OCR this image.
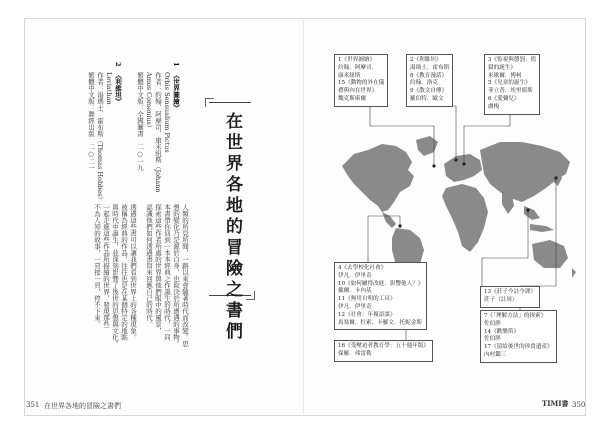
人類的所見所聞，一路以來會隨著時代而改變。思
想的變化乃是源於自身，也取決於所遭遇的事物。
本書帶你回到一本本經典之作誕生的時代，一同
探索這些作者所處的世界與他們眼中的風景，
認識他們如何透過書寫來回應自己的時代。
透過這些書可以讓我們看到世界上的各種現象。
被稱為經典的作品，往往也是在某個特定的地點
與時代中誕生，並深刻影響了後世的思想與文化。
一起走進這些作品所描繪的世界，發現那些
不為人知的故事，一頁接一頁，停不下來。
1
《世界圖繪》
Orbis Sensualium Pictus
作者：約翰．阿摩司．康米紐斯（Johann
Amos Comenius）
繁體中文版：全國圖書　二○一九
2
《利維坦》
Leviathan
作者：湯瑪士．霍布斯（Thomas Hobbes）
繁體中文版：聯經出版　二○二一	在世界各地的冒險之書們
351 在世界各地的冒險之書們
1《世界圖繪》
約翰．阿摩司．
康米紐斯
15《動物的外在儀
禮與內在世界》
魏克斯庫爾
2《利維坦》
湯瑪士．霍布斯
8《教育漫話》
約翰．洛克
9《散文自傳》
羅伯特．歐文
3《監視與懲罰：監
獄的誕生》
米歇爾．傅柯
5《兒童的誕生》
菲立普．埃里耶斯
6《愛彌兒》
盧梭
4《去學校化社會》
伊凡．伊里奇
10《如何屬得改進．影響他人？》
戴爾．卡內基
11《無用自明的工具》
伊凡．伊里奇
12《社會：年複語談》
馬塞爾．牡索．卡羅文．托妮金斯
16《受壓迫者教育學：五十週年版》
保羅．弗雷勒
13《莊子今註今譯》
莊子（註周）
7《「理解方法」的探索》
佐伯胖
14《歡樂笛》
佐伯胖
17《留給後世的珍貴遺產》
內村鑑三
TIMI書 350
